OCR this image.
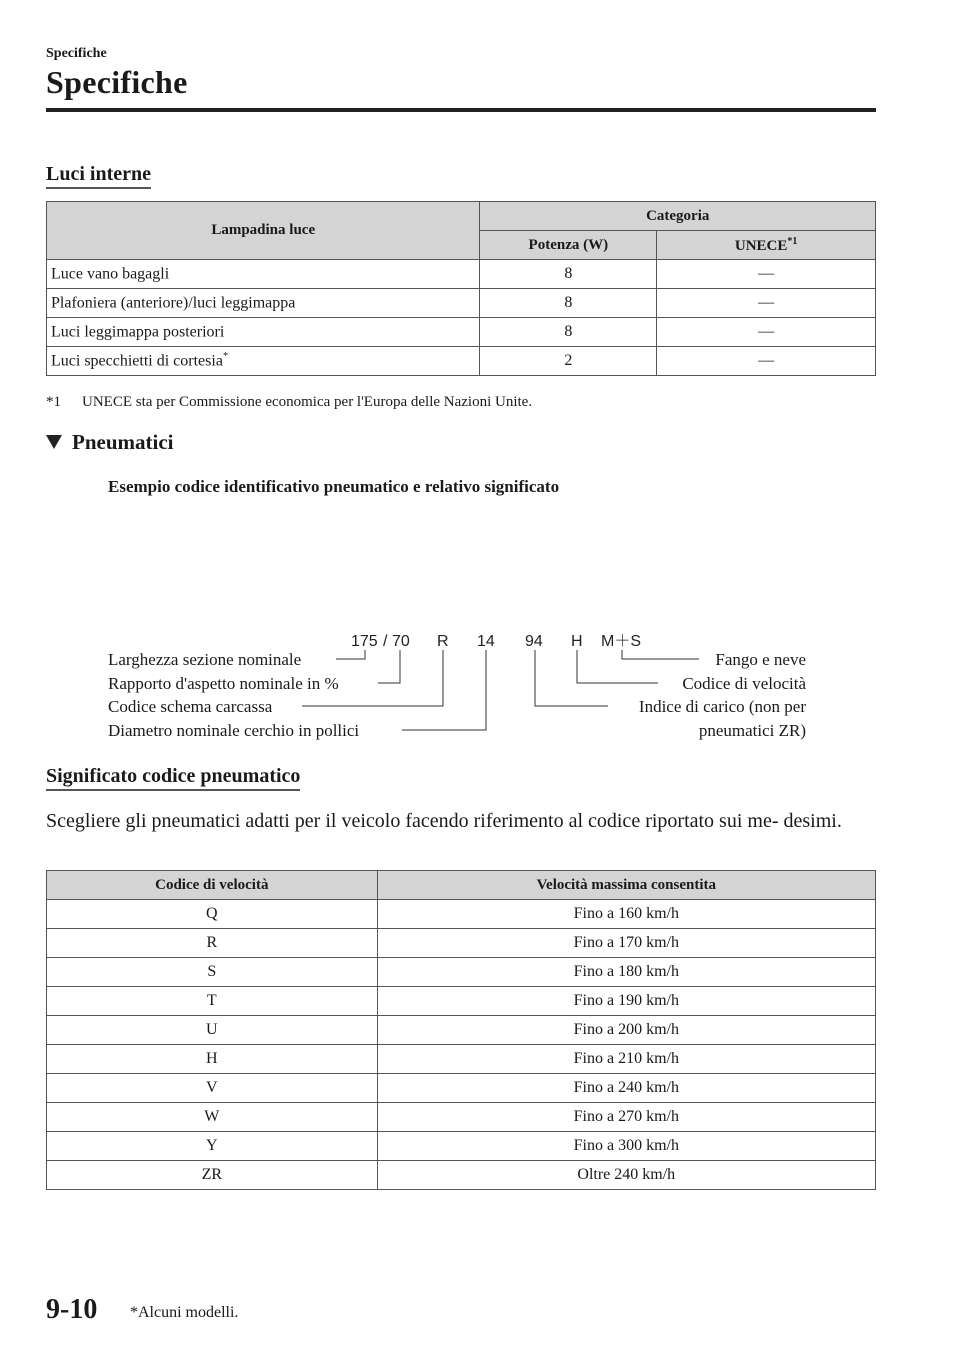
Specifiche
Specifiche
Luci interne
Lampadina luce	Categoria	
	Potenza (W)	UNECE$^{*1}$
Luce vano bagagli	8	—
Plafoniera (anteriore)/luci leggimappa	8	—
Luci leggimappa posteriori	8	—
Luci specchietti di cortesia*	2	—
*1 UNECE sta per Commissione economica per l'Europa delle Nazioni Unite.
Pneumatici
Esempio codice identificativo pneumatico e relativo significato
175 / 70 R 14 94 H M＋S
Larghezza sezione nominale
Rapporto d'aspetto nominale in %
Codice schema carcassa
Diametro nominale cerchio in pollici
Fango e neve
Codice di velocità
Indice di carico (non per
pneumatici ZR)
Significato codice pneumatico
Scegliere gli pneumatici adatti per il veicolo facendo riferimento al codice riportato sui me- desimi.
Codice di velocità	Velocità massima consentita
Q	Fino a 160 km/h
R	Fino a 170 km/h
S	Fino a 180 km/h
T	Fino a 190 km/h
U	Fino a 200 km/h
H	Fino a 210 km/h
V	Fino a 240 km/h
W	Fino a 270 km/h
Y	Fino a 300 km/h
ZR	Oltre 240 km/h
9-10 *Alcuni modelli.
